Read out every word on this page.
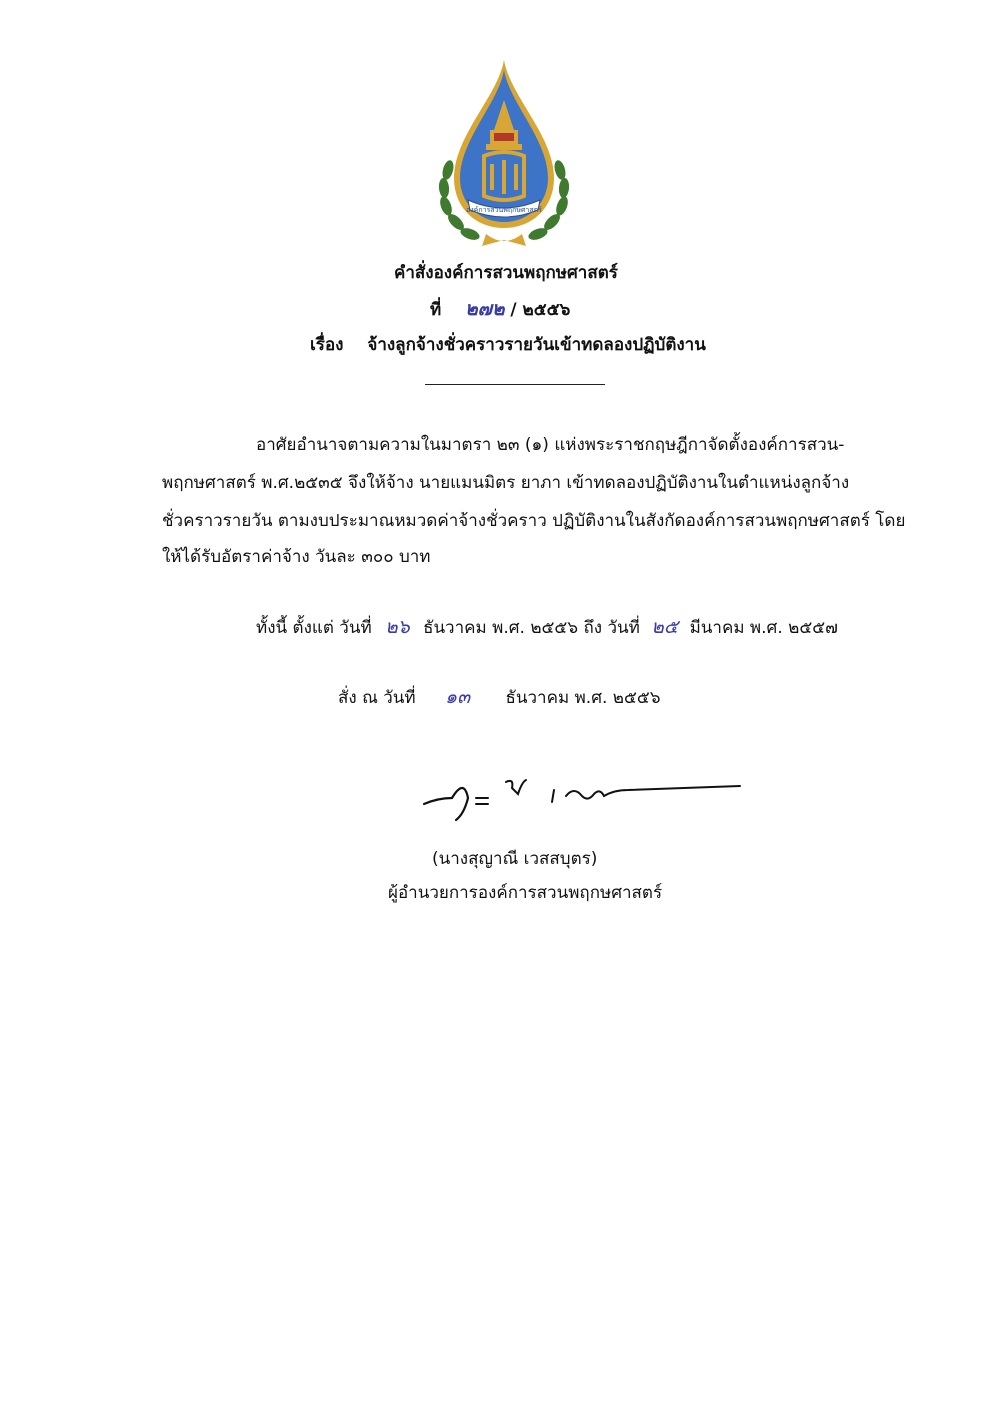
องค์การสวนพฤกษศาสตร์
คำสั่งองค์การสวนพฤกษศาสตร์
ที่ ๒๗๒ / ๒๕๕๖
เรื่อง จ้างลูกจ้างชั่วคราวรายวันเข้าทดลองปฏิบัติงาน
อาศัยอำนาจตามความในมาตรา ๒๓ (๑) แห่งพระราชกฤษฎีกาจัดตั้งองค์การสวน-
พฤกษศาสตร์ พ.ศ.๒๕๓๕ จึงให้จ้าง นายแมนมิตร ยาภา เข้าทดลองปฏิบัติงานในตำแหน่งลูกจ้าง
ชั่วคราวรายวัน ตามงบประมาณหมวดค่าจ้างชั่วคราว ปฏิบัติงานในสังกัดองค์การสวนพฤกษศาสตร์ โดย
ให้ได้รับอัตราค่าจ้าง วันละ ๓๐๐ บาท
ทั้งนี้ ตั้งแต่ วันที่ ๒๖ ธันวาคม พ.ศ. ๒๕๕๖ ถึง วันที่ ๒๕ มีนาคม พ.ศ. ๒๕๕๗
สั่ง ณ วันที่ ๑๓ ธันวาคม พ.ศ. ๒๕๕๖
(นางสุญาณี เวสสบุตร)
ผู้อำนวยการองค์การสวนพฤกษศาสตร์
